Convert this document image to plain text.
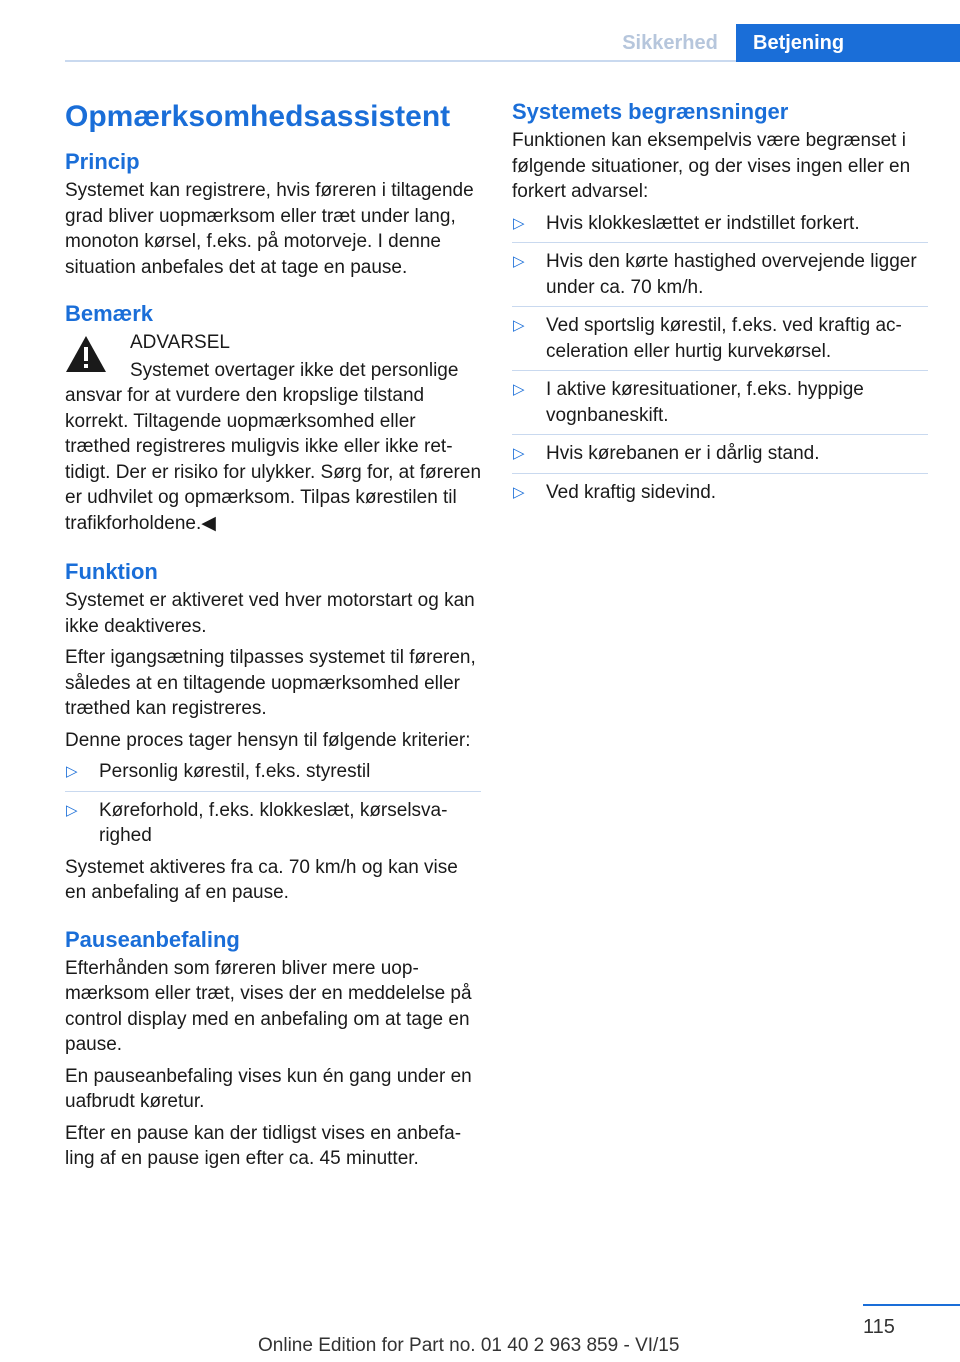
Sikkerhed	Betjening
Opmærksomhedsassistent
Princip

Systemet kan registrere, hvis føreren i tiltagende grad bliver uopmærksom eller træt under lang, monoton kørsel, f.eks. på motorveje. I denne situation anbefales det at tage en pause.

Bemærk
ADVARSEL

Systemet overtager ikke det personlige ansvar for at vurdere den kropslige tilstand korrekt. Tiltagende uopmærksomhed eller træthed registreres muligvis ikke eller ikke rettidigt. Der er risiko for ulykker. Sørg for, at føreren er udhvilet og opmærksom. Tilpas kørestilen til trafikforholdene.◀

Funktion

Systemet er aktiveret ved hver motorstart og kan ikke deaktiveres.

Efter igangsætning tilpasses systemet til føreren, således at en tiltagende uopmærksomhed eller træthed kan registreres.

Denne proces tager hensyn til følgende kriterier:

▷ Personlig kørestil, f.eks. styrestil
▷ Køreforhold, f.eks. klokkeslæt, kørselsvarighed

Systemet aktiveres fra ca. 70 km/h og kan vise en anbefaling af en pause.

Pauseanbefaling

Efterhånden som føreren bliver mere uopmærksom eller træt, vises der en meddelelse på control display med en anbefaling om at tage en pause.

En pauseanbefaling vises kun én gang under en uafbrudt køretur.

Efter en pause kan der tidligst vises en anbefaling af en pause igen efter ca. 45 minutter.

Systemets begrænsninger

Funktionen kan eksempelvis være begrænset i følgende situationer, og der vises ingen eller en forkert advarsel:

▷ Hvis klokkeslættet er indstillet forkert.
▷ Hvis den kørte hastighed overvejende ligger under ca. 70 km/h.
▷ Ved sportslig kørestil, f.eks. ved kraftig acceleration eller hurtig kurvekørsel.
▷ I aktive køresituationer, f.eks. hyppige vognbaneskift.
▷ Hvis kørebanen er i dårlig stand.
▷ Ved kraftig sidevind.
115
Online Edition for Part no. 01 40 2 963 859 - VI/15
